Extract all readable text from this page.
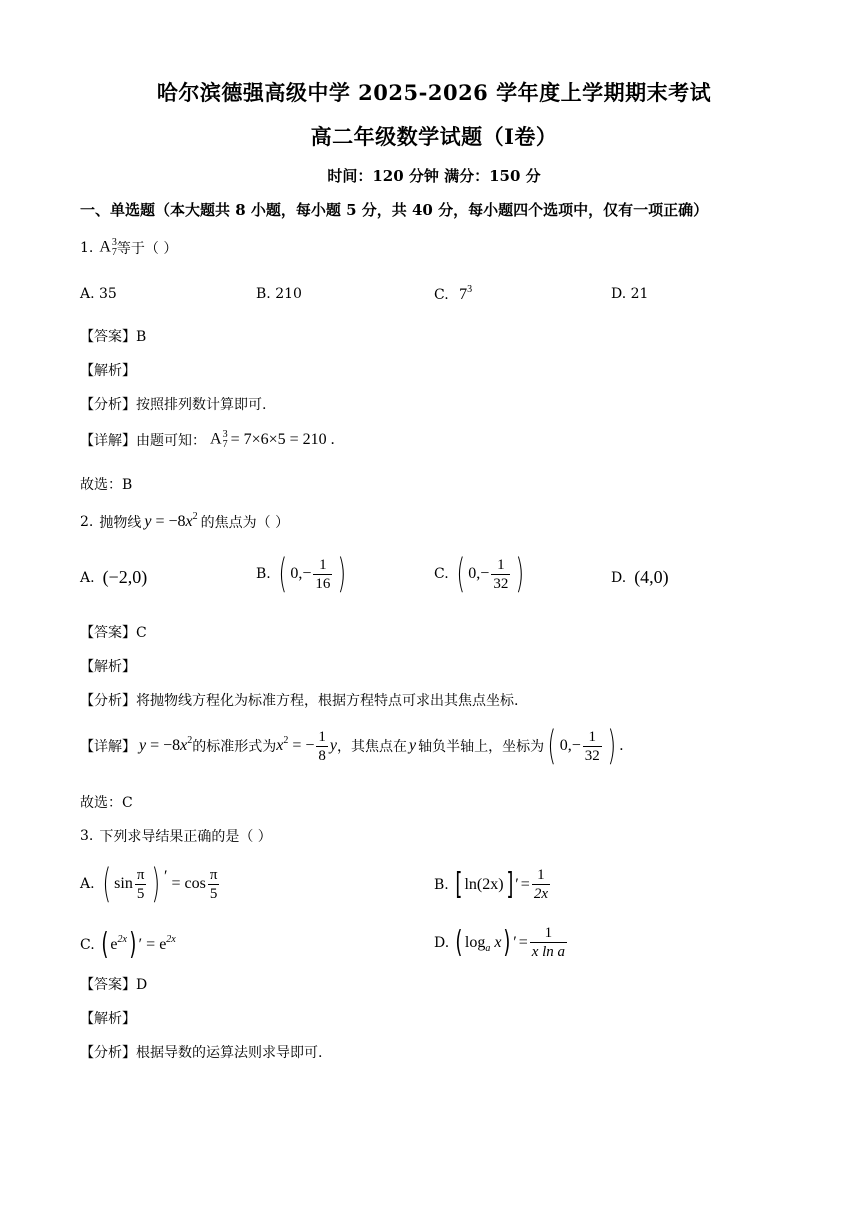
哈尔滨德强高级中学 2025-2026 学年度上学期期末考试
高二年级数学试题（I卷）
时间：120 分钟 满分：150 分
一、单选题（本大题共 8 小题，每小题 5 分，共 40 分，每小题四个选项中，仅有一项正确）
1. A 3
7 等于（ ）
A. 35	B. 210	C. $7^3$	D. 21
【答案】B
【解析】
【分析】按照排列数计算即可.
【详解】由题可知： A 3
7 = 7×6×5 = 210 .
故选：B
2. 抛物线 $y = -8x^2$ 的焦点为（ ）
A. (−2,0)	B. ( $0,- \frac{1}{16}$ )	C. ( $0,- \frac{1}{32}$ )	D. (4,0)
【答案】C
【解析】
【分析】将抛物线方程化为标准方程，根据方程特点可求出其焦点坐标.
【详解】 $y = -8x^2$ 的标准形式为 $x^2$ = − $\frac{1}{8}$ y ，其焦点在 y 轴负半轴上，坐标为 ( $0,- \frac{1}{32}$ ) .
故选：C
3. 下列求导结果正确的是（ ）
A. ( $\sin \frac{\pi}{5}$ ) ′ = $\cos \frac{\pi}{5}$	B. [ ln(2x) ] ′ = $\frac{1}{2x}$
C. ( $e^{2x}$ ) ′ = $e^{2x}$	D. ( $\log_a x$ ) ′ = $\frac{1}{\text{x ln a}}$
【答案】D
【解析】
【分析】根据导数的运算法则求导即可.
